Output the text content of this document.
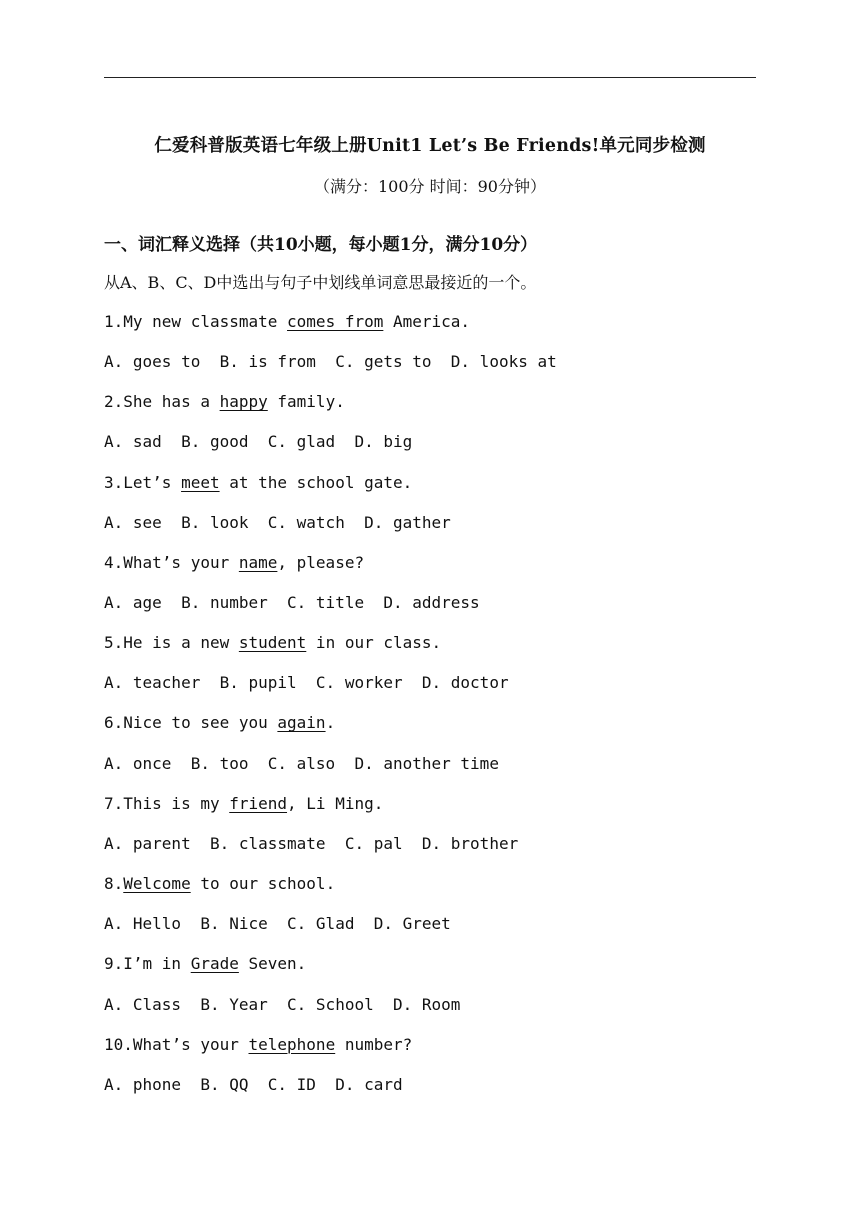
仁爱科普版英语七年级上册Unit1 Let’s Be Friends!单元同步检测
（满分：100分 时间：90分钟）
一、词汇释义选择（共10小题，每小题1分，满分10分）
从A、B、C、D中选出与句子中划线单词意思最接近的一个。
1.My new classmate comes from America.
A. goes to  B. is from  C. gets to  D. looks at
2.She has a happy family.
A. sad  B. good  C. glad  D. big
3.Let’s meet at the school gate.
A. see  B. look  C. watch  D. gather
4.What’s your name, please?
A. age  B. number  C. title  D. address
5.He is a new student in our class.
A. teacher  B. pupil  C. worker  D. doctor
6.Nice to see you again.
A. once  B. too  C. also  D. another time
7.This is my friend, Li Ming.
A. parent  B. classmate  C. pal  D. brother
8.Welcome to our school.
A. Hello  B. Nice  C. Glad  D. Greet
9.I’m in Grade Seven.
A. Class  B. Year  C. School  D. Room
10.What’s your telephone number?
A. phone  B. QQ  C. ID  D. card
